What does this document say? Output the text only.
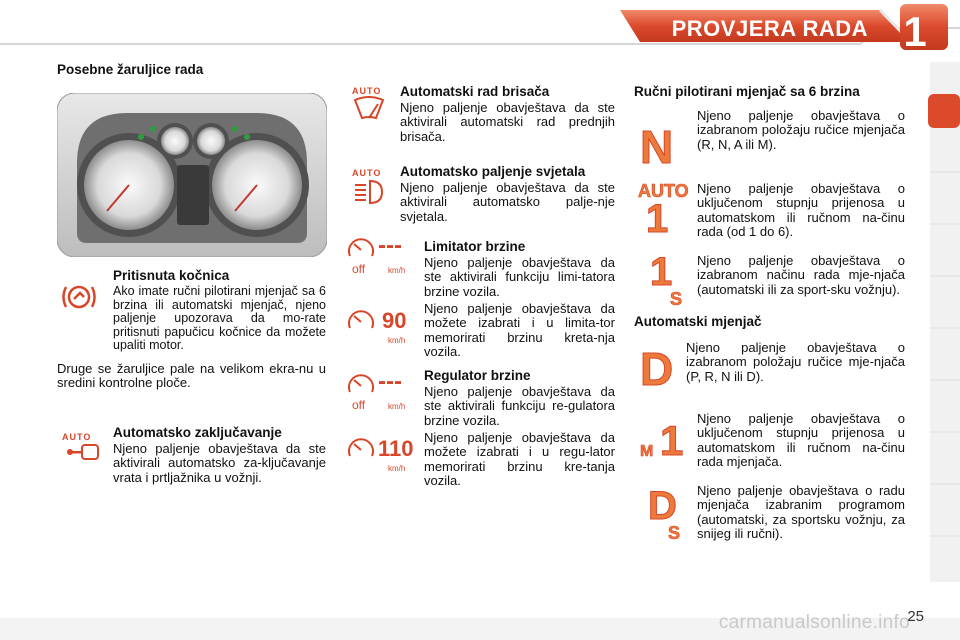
PROVJERA RADA 1
Posebne žaruljice rada
Pritisnuta kočnica
Ako imate ručni pilotirani mjenjač sa 6 brzina ili automatski mjenjač, njeno paljenje upozorava da mo-rate pritisnuti papučicu kočnice da možete upaliti motor.
Druge se žaruljice pale na velikom ekra-nu u sredini kontrolne ploče.
AUTO	Automatsko zaključavanje
Njeno paljenje obavještava da ste aktivirali automatsko za-ključavanje vrata i prtljažnika u vožnji.
AUTO	Automatski rad brisača
Njeno paljenje obavještava da ste aktivirali automatski rad prednjih brisača.
AUTO	Automatsko paljenje svjetala
Njeno paljenje obavještava da ste aktivirali automatsko palje-nje svjetala.
off
---
km/h
90
km/h
Limitator brzine
Njeno paljenje obavještava da ste aktivirali funkciju limi-tatora brzine vozila.
Njeno paljenje obavještava da možete izabrati i u limita-tor memorirati brzinu kreta-nja vozila.
off
---
km/h
110
km/h
Regulator brzine
Njeno paljenje obavještava da ste aktivirali funkciju re-gulatora brzine vozila.
Njeno paljenje obavještava da možete izabrati i u regu-lator memorirati brzinu kre-tanja vozila.
Ručni pilotirani mjenjač sa 6 brzina
N
Njeno paljenje obavještava o izabranom položaju ručice mjenjača (R, N, A ili M).
AUTO
1
Njeno paljenje obavještava o uključenom stupnju prijenosa u automatskom ili ručnom na-činu rada (od 1 do 6).
1
S
Njeno paljenje obavještava o izabranom načinu rada mje-njača (automatski ili za sport-sku vožnju).
Automatski mjenjač
D Njeno paljenje obavještava o izabranom položaju ručice mje-njača (P, R, N ili D).
M 1 Njeno paljenje obavještava o uključenom stupnju prijenosa u automatskom ili ručnom na-činu rada mjenjača.
D
S
Njeno paljenje obavještava o radu mjenjača izabranim programom (automatski, za sportsku vožnju, za snijeg ili ručni).
carmanualsonline.info
25
